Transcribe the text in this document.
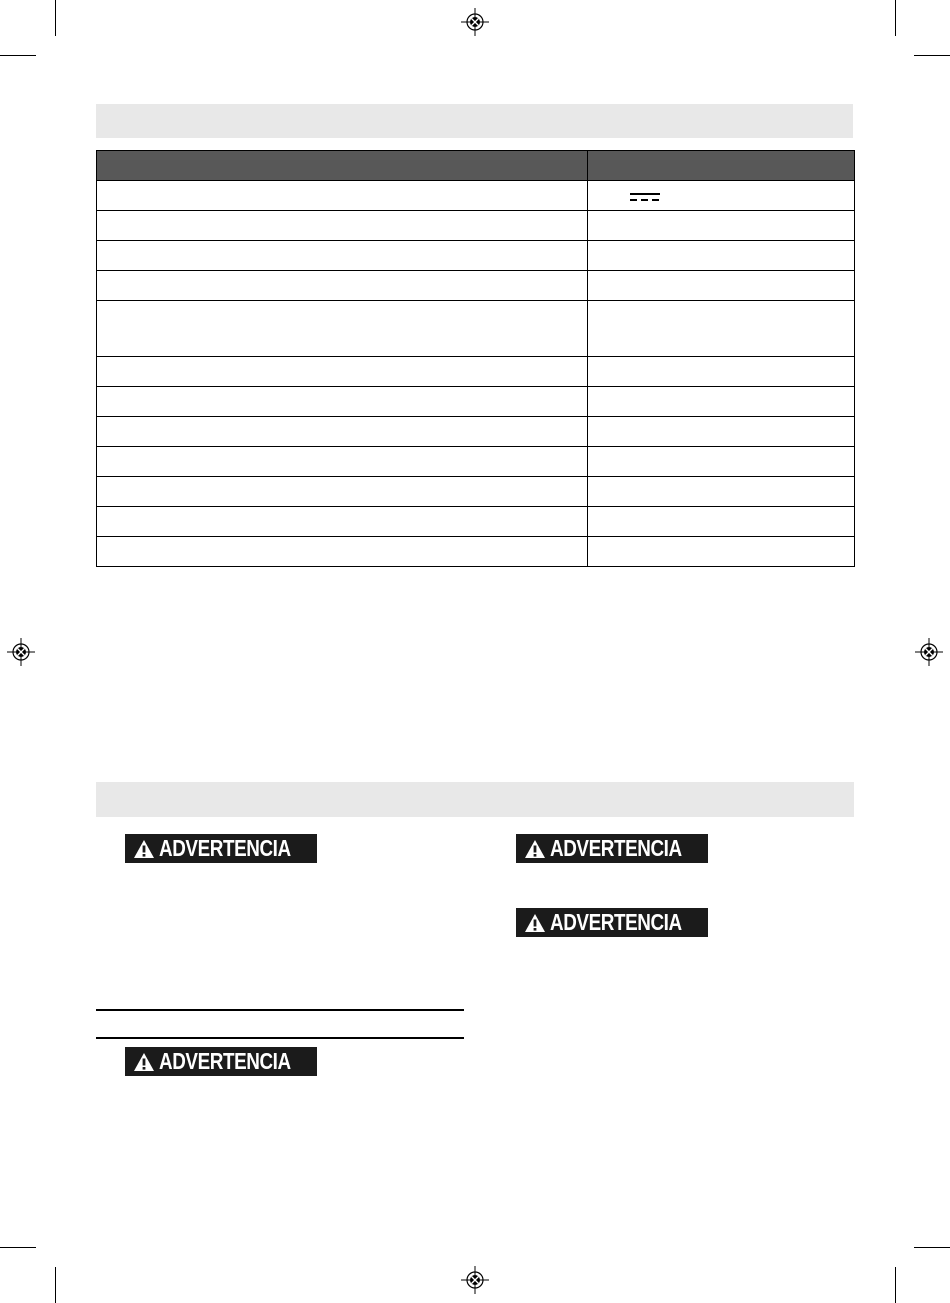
ADVERTENCIA	ADVERTENCIA
ADVERTENCIA
ADVERTENCIA
